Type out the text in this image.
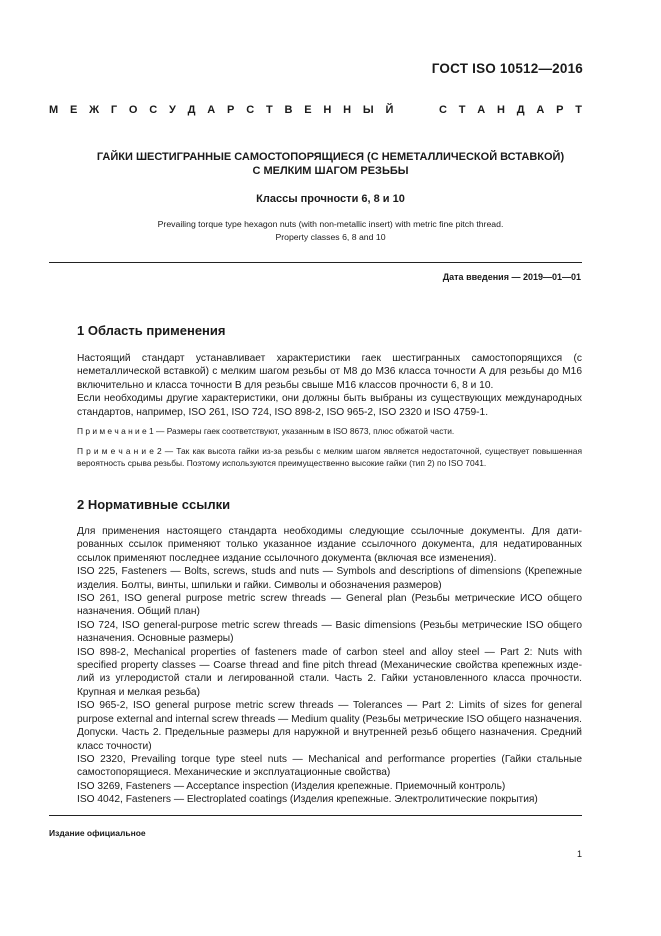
ГОСТ ISO 10512—2016
М Е Ж Г О С У Д А Р С Т В Е Н Н Ы Й	С Т А Н Д А Р Т
ГАЙКИ ШЕСТИГРАННЫЕ САМОСТОПОРЯЩИЕСЯ (С НЕМЕТАЛЛИЧЕСКОЙ ВСТАВКОЙ)
С МЕЛКИМ ШАГОМ РЕЗЬБЫ
Классы прочности 6, 8 и 10
Prevailing torque type hexagon nuts (with non-metallic insert) with metric fine pitch thread.
Property classes 6, 8 and 10
Дата введения — 2019—01—01
1 Область применения

Настоящий стандарт устанавливает характеристики гаек шестигранных самостопорящихся (с неметаллической вставкой) с мелким шагом резьбы от М8 до М36 класса точности А для резьбы до М16 включительно и класса точности В для резьбы свыше М16 классов прочности 6, 8 и 10.

Если необходимы другие характеристики, они должны быть выбраны из существующих международных стандартов, например, ISO 261, ISO 724, ISO 898-2, ISO 965-2, ISO 2320 и ISO 4759-1.

П р и м е ч а н и е 1 — Размеры гаек соответствуют, указанным в ISO 8673, плюс обжатой части.
П р и м е ч а н и е 2 — Так как высота гайки из-за резьбы с мелким шагом является недостаточной, существует повышенная вероятность срыва резьбы. Поэтому используются преимущественно высокие гайки (тип 2) по ISO 7041.
2 Нормативные ссылки

Для применения настоящего стандарта необходимы следующие ссылочные документы. Для датированных ссылок применяют только указанное издание ссылочного документа, для недатированных ссылок применяют последнее издание ссылочного документа (включая все изменения).

ISO 225, Fasteners — Bolts, screws, studs and nuts — Symbols and descriptions of dimensions (Крепежные изделия. Болты, винты, шпильки и гайки. Символы и обозначения размеров)

ISO 261, ISO general purpose metric screw threads — General plan (Резьбы метрические ИСО общего назначения. Общий план)

ISO 724, ISO general-purpose metric screw threads — Basic dimensions (Резьбы метрические ISO общего назначения. Основные размеры)

ISO 898-2, Mechanical properties of fasteners made of carbon steel and alloy steel — Part 2: Nuts with specified property classes — Coarse thread and fine pitch thread (Механические свойства крепежных изделий из углеродистой стали и легированной стали. Часть 2. Гайки установленного класса прочности. Крупная и мелкая резьба)

ISO 965-2, ISO general purpose metric screw threads — Tolerances — Part 2: Limits of sizes for general purpose external and internal screw threads — Medium quality (Резьбы метрические ISO общего назначения. Допуски. Часть 2. Предельные размеры для наружной и внутренней резьб общего назначения. Средний класс точности)

ISO 2320, Prevailing torque type steel nuts — Mechanical and performance properties (Гайки стальные самостопорящиеся. Механические и эксплуатационные свойства)

ISO 3269, Fasteners — Acceptance inspection (Изделия крепежные. Приемочный контроль)

ISO 4042, Fasteners — Electroplated coatings (Изделия крепежные. Электролитические покрытия)

Издание официальное
1
